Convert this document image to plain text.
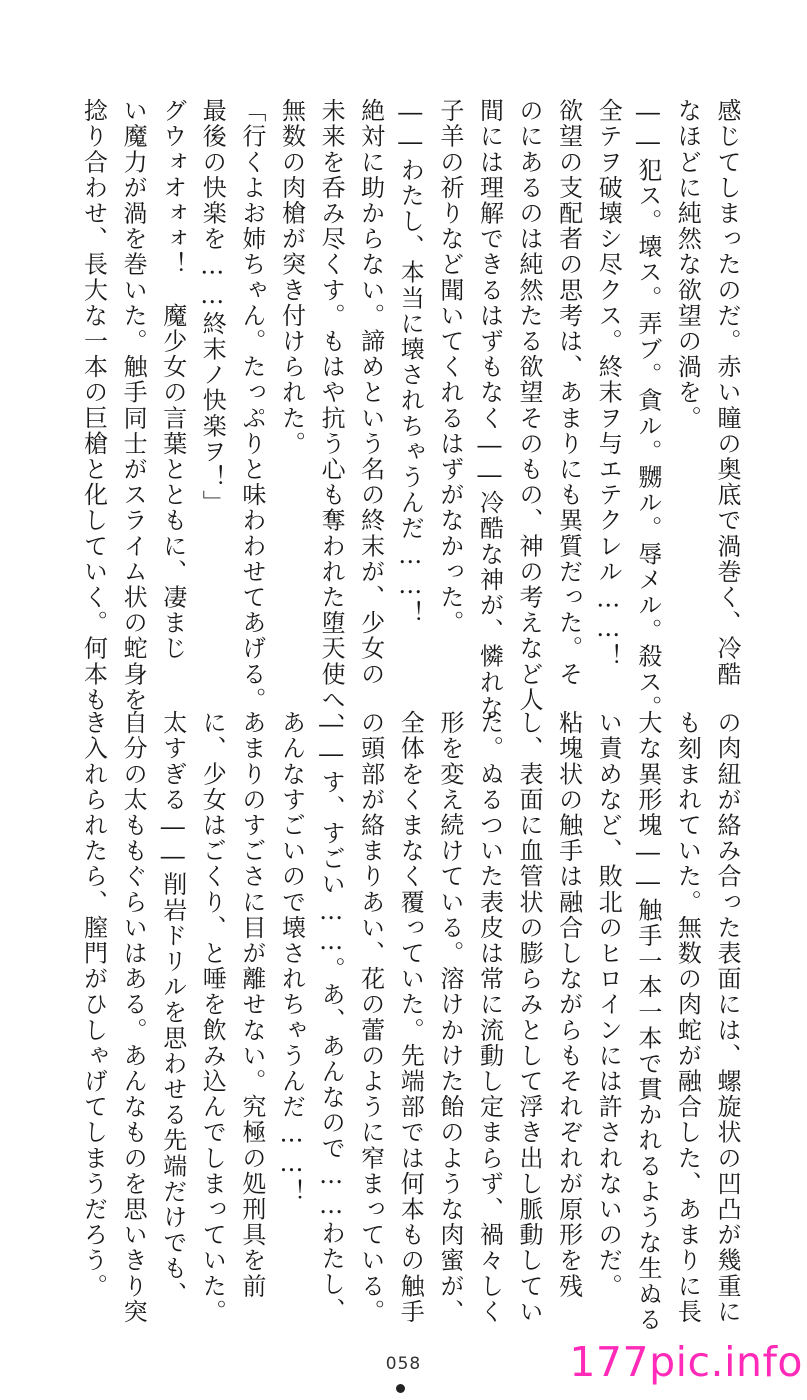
感じてしまったのだ。赤い瞳の奥底で渦巻く、冷酷
なほどに純然な欲望の渦を。
――犯ス。壊ス。弄ブ。貪ル。嬲ル。辱メル。殺ス。
全テヲ破壊シ尽クス。終末ヲ与エテクレル……！
欲望の支配者の思考は、あまりにも異質だった。そ
のにあるのは純然たる欲望そのもの、神の考えなど人
間には理解できるはずもなく――冷酷な神が、憐れな
子羊の祈りなど聞いてくれるはずがなかった。
――わたし、本当に壊されちゃうんだ……！
絶対に助からない。諦めという名の終末が、少女の
未来を呑み尽くす。もはや抗う心も奪われた堕天使へ、
無数の肉槍が突き付けられた。
「行くよお姉ちゃん。たっぷりと味わわせてあげる。
最後の快楽を……終末ノ快楽ヲ！」
グウォオォォ！　魔少女の言葉とともに、凄まじ
い魔力が渦を巻いた。触手同士がスライム状の蛇身を
捻り合わせ、長大な一本の巨槍と化していく。何本も
の肉紐が絡み合った表面には、螺旋状の凹凸が幾重に
も刻まれていた。無数の肉蛇が融合した、あまりに長
大な異形塊――触手一本一本で貫かれるような生ぬる
い責めなど、敗北のヒロインには許されないのだ。
粘塊状の触手は融合しながらもそれぞれが原形を残
し、表面に血管状の膨らみとして浮き出し脈動してい
た。ぬるついた表皮は常に流動し定まらず、禍々しく
形を変え続けている。溶けかけた飴のような肉蜜が、
全体をくまなく覆っていた。先端部では何本もの触手
の頭部が絡まりあい、花の蕾のように窄まっている。
――す、すごい……。あ、あんなので……わたし、
あんなすごいので壊されちゃうんだ……！
あまりのすごさに目が離せない。究極の処刑具を前
に、少女はごくり、と唾を飲み込んでしまっていた。
太すぎる――削岩ドリルを思わせる先端だけでも、
自分の太ももぐらいはある。あんなものを思いきり突
き入れられたら、膣門がひしゃげてしまうだろう。
058	177pic.info
